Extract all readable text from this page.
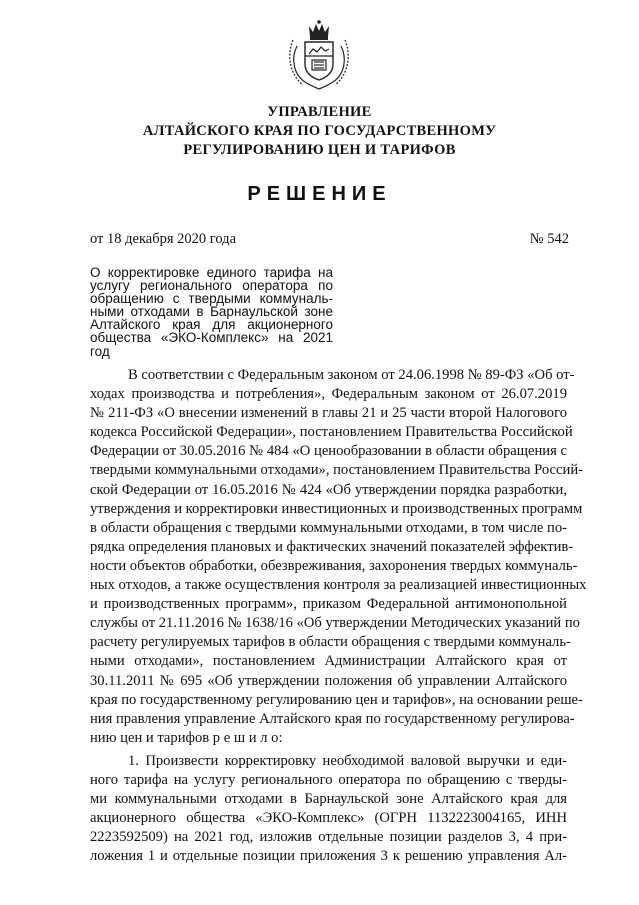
УПРАВЛЕНИЕ
АЛТАЙСКОГО КРАЯ ПО ГОСУДАРСТВЕННОМУ
РЕГУЛИРОВАНИЮ ЦЕН И ТАРИФОВ
РЕШЕНИЕ
от 18 декабря 2020 года	№ 542
О корректировке единого тарифа на
услугу регионального оператора по
обращению с твердыми коммуналь-
ными отходами в Барнаульской зоне
Алтайского края для акционерного
общества «ЭКО-Комплекс» на 2021
год
В соответствии с Федеральным законом от 24.06.1998 № 89-ФЗ «Об от-
ходах производства и потребления», Федеральным законом от 26.07.2019
№ 211-ФЗ «О внесении изменений в главы 21 и 25 части второй Налогового
кодекса Российской Федерации», постановлением Правительства Российской
Федерации от 30.05.2016 № 484 «О ценообразовании в области обращения с
твердыми коммунальными отходами», постановлением Правительства Россий-
ской Федерации от 16.05.2016 № 424 «Об утверждении порядка разработки,
утверждения и корректировки инвестиционных и производственных программ
в области обращения с твердыми коммунальными отходами, в том числе по-
рядка определения плановых и фактических значений показателей эффектив-
ности объектов обработки, обезвреживания, захоронения твердых коммуналь-
ных отходов, а также осуществления контроля за реализацией инвестиционных
и производственных программ», приказом Федеральной антимонопольной
службы от 21.11.2016 № 1638/16 «Об утверждении Методических указаний по
расчету регулируемых тарифов в области обращения с твердыми коммуналь-
ными отходами», постановлением Администрации Алтайского края от
30.11.2011 № 695 «Об утверждении положения об управлении Алтайского
края по государственному регулированию цен и тарифов», на основании реше-
ния правления управление Алтайского края по государственному регулирова-
нию цен и тарифов р е ш и л о:
1. Произвести корректировку необходимой валовой выручки и еди-
ного тарифа на услугу регионального оператора по обращению с тверды-
ми коммунальными отходами в Барнаульской зоне Алтайского края для
акционерного общества «ЭКО-Комплекс» (ОГРН 1132223004165, ИНН
2223592509) на 2021 год, изложив отдельные позиции разделов 3, 4 при-
ложения 1 и отдельные позиции приложения 3 к решению управления Ал-
